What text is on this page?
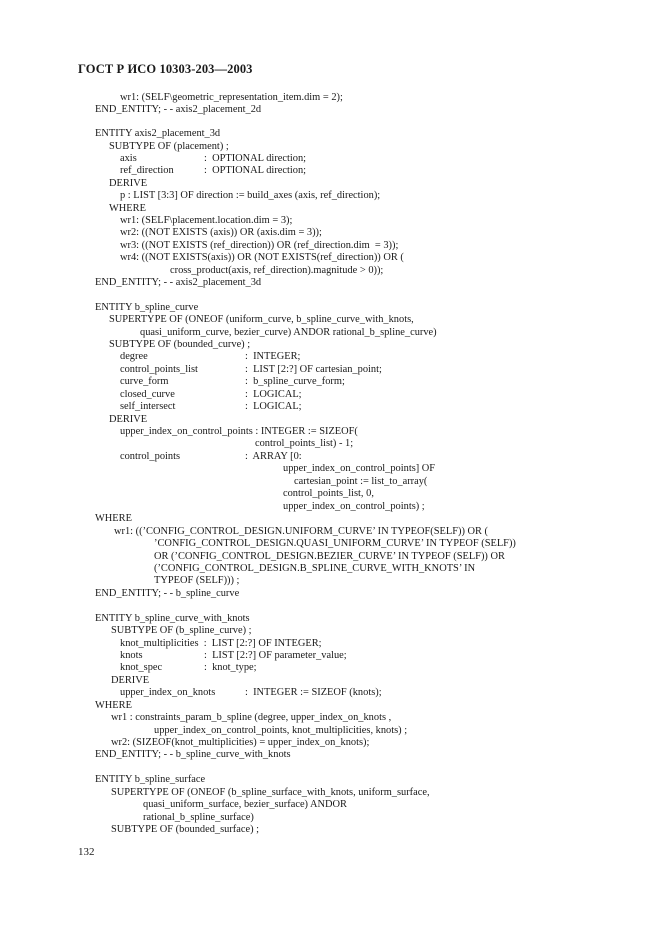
ГОСТ Р ИСО 10303-203—2003
wr1: (SELF\geometric_representation_item.dim = 2);
END_ENTITY; - - axis2_placement_2d
ENTITY axis2_placement_3d
SUBTYPE OF (placement) ;
axis	:  OPTIONAL direction;
ref_direction	:  OPTIONAL direction;
DERIVE
p : LIST [3:3] OF direction := build_axes (axis, ref_direction);
WHERE
wr1: (SELF\placement.location.dim = 3);
wr2: ((NOT EXISTS (axis)) OR (axis.dim = 3));
wr3: ((NOT EXISTS (ref_direction)) OR (ref_direction.dim  = 3));
wr4: ((NOT EXISTS(axis)) OR (NOT EXISTS(ref_direction)) OR (
cross_product(axis, ref_direction).magnitude > 0));
END_ENTITY; - - axis2_placement_3d
ENTITY b_spline_curve
SUPERTYPE OF (ONEOF (uniform_curve, b_spline_curve_with_knots,
quasi_uniform_curve, bezier_curve) ANDOR rational_b_spline_curve)
SUBTYPE OF (bounded_curve) ;
degree	:  INTEGER;
control_points_list	:  LIST [2:?] OF cartesian_point;
curve_form	:  b_spline_curve_form;
closed_curve	:  LOGICAL;
self_intersect	:  LOGICAL;
DERIVE
upper_index_on_control_points : INTEGER := SIZEOF(
control_points_list) - 1;
control_points	:  ARRAY [0:
upper_index_on_control_points] OF
cartesian_point := list_to_array(
control_points_list, 0,
upper_index_on_control_points) ;
WHERE
wr1: ((’CONFIG_CONTROL_DESIGN.UNIFORM_CURVE’ IN TYPEOF(SELF)) OR (
’CONFIG_CONTROL_DESIGN.QUASI_UNIFORM_CURVE’ IN TYPEOF (SELF))
OR (’CONFIG_CONTROL_DESIGN.BEZIER_CURVE’ IN TYPEOF (SELF)) OR
(’CONFIG_CONTROL_DESIGN.B_SPLINE_CURVE_WITH_KNOTS’ IN
TYPEOF (SELF))) ;
END_ENTITY; - - b_spline_curve
ENTITY b_spline_curve_with_knots
SUBTYPE OF (b_spline_curve) ;
knot_multiplicities  :  LIST [2:?] OF INTEGER;
knots	:  LIST [2:?] OF parameter_value;
knot_spec	:  knot_type;
DERIVE
upper_index_on_knots	:  INTEGER := SIZEOF (knots);
WHERE
wr1 : constraints_param_b_spline (degree, upper_index_on_knots ,
upper_index_on_control_points, knot_multiplicities, knots) ;
wr2: (SIZEOF(knot_multiplicities) = upper_index_on_knots);
END_ENTITY; - - b_spline_curve_with_knots
ENTITY b_spline_surface
SUPERTYPE OF (ONEOF (b_spline_surface_with_knots, uniform_surface,
quasi_uniform_surface, bezier_surface) ANDOR
rational_b_spline_surface)
SUBTYPE OF (bounded_surface) ;
132
